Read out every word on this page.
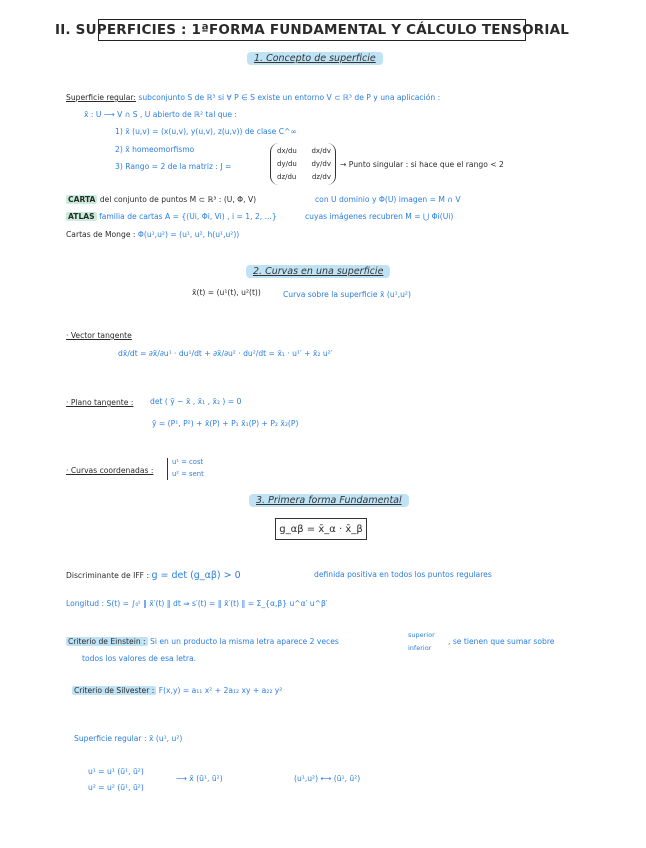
II. SUPERFICIES : 1ªFORMA FUNDAMENTAL Y CÁLCULO TENSORIAL
1. Concepto de superficie
Superficie regular: subconjunto S de ℝ³ si ∀ P ∈ S existe un entorno V ⊂ ℝ³ de P y una aplicación :
x̄ : U ⟶ V ∩ S , U abierto de ℝ² tal que :
1) x̄ (u,v) = (x(u,v), y(u,v), z(u,v)) de clase C^∞
2) x̄ homeomorfismo
3) Rango = 2 de la matriz : J =
dx/du dx/dv
dy/du dy/dv
dz/du dz/dv
→ Punto singular : si hace que el rango < 2
CARTA del conjunto de puntos M ⊂ ℝ³ : (U, Φ, V)	con U dominio y Φ(U) imagen = M ∩ V
ATLAS familia de cartas A = {(Ui, Φi, Vi) , i = 1, 2, ...}	cuyas imágenes recubren M = ⋃ Φi(Ui)
Cartas de Monge : Φ(u¹,u²) = (u¹, u², h(u¹,u²))
2. Curvas en una superficie
x̄(t) = (u¹(t), u²(t))	Curva sobre la superficie x̄ (u¹,u²)
· Vector tangente
dx̄/dt = ∂x̄/∂u¹ · du¹/dt + ∂x̄/∂u² · du²/dt = x̄₁ · u¹′ + x̄₂ u²′
· Plano tangente : det ( ȳ − x̄ , x̄₁ , x̄₂ ) = 0
ȳ = (P¹, P²) + x̄(P) + P₁ x̄₁(P) + P₂ x̄₂(P)
· Curvas coordenadas :
u¹ = cost
u² = sent
3. Primera forma Fundamental
g_αβ = x̄_α · x̄_β
Discriminante de IFF : g = det (g_αβ) > 0	definida positiva en todos los puntos regulares
Longitud : S(t) = ∫₀ᵗ ‖ x̄′(t) ‖ dt ⇒ s′(t) = ‖ x̄′(t) ‖ = Σ_{α,β} u^α′ u^β′
Criterio de Einstein : Si en un producto la misma letra aparece 2 veces
superior
inferior
, se tienen que sumar sobre
todos los valores de esa letra.
Criterio de Silvester : F(x,y) = a₁₁ x² + 2a₁₂ xy + a₂₂ y²
Superficie regular : x̄ (u¹, u²)
u¹ = u¹ (ū¹, ū²)
u² = u² (ū¹, ū²)
⟶ x̄ (ū¹, ū²)	(u¹,u²) ⟷ (ū¹, ū²)
